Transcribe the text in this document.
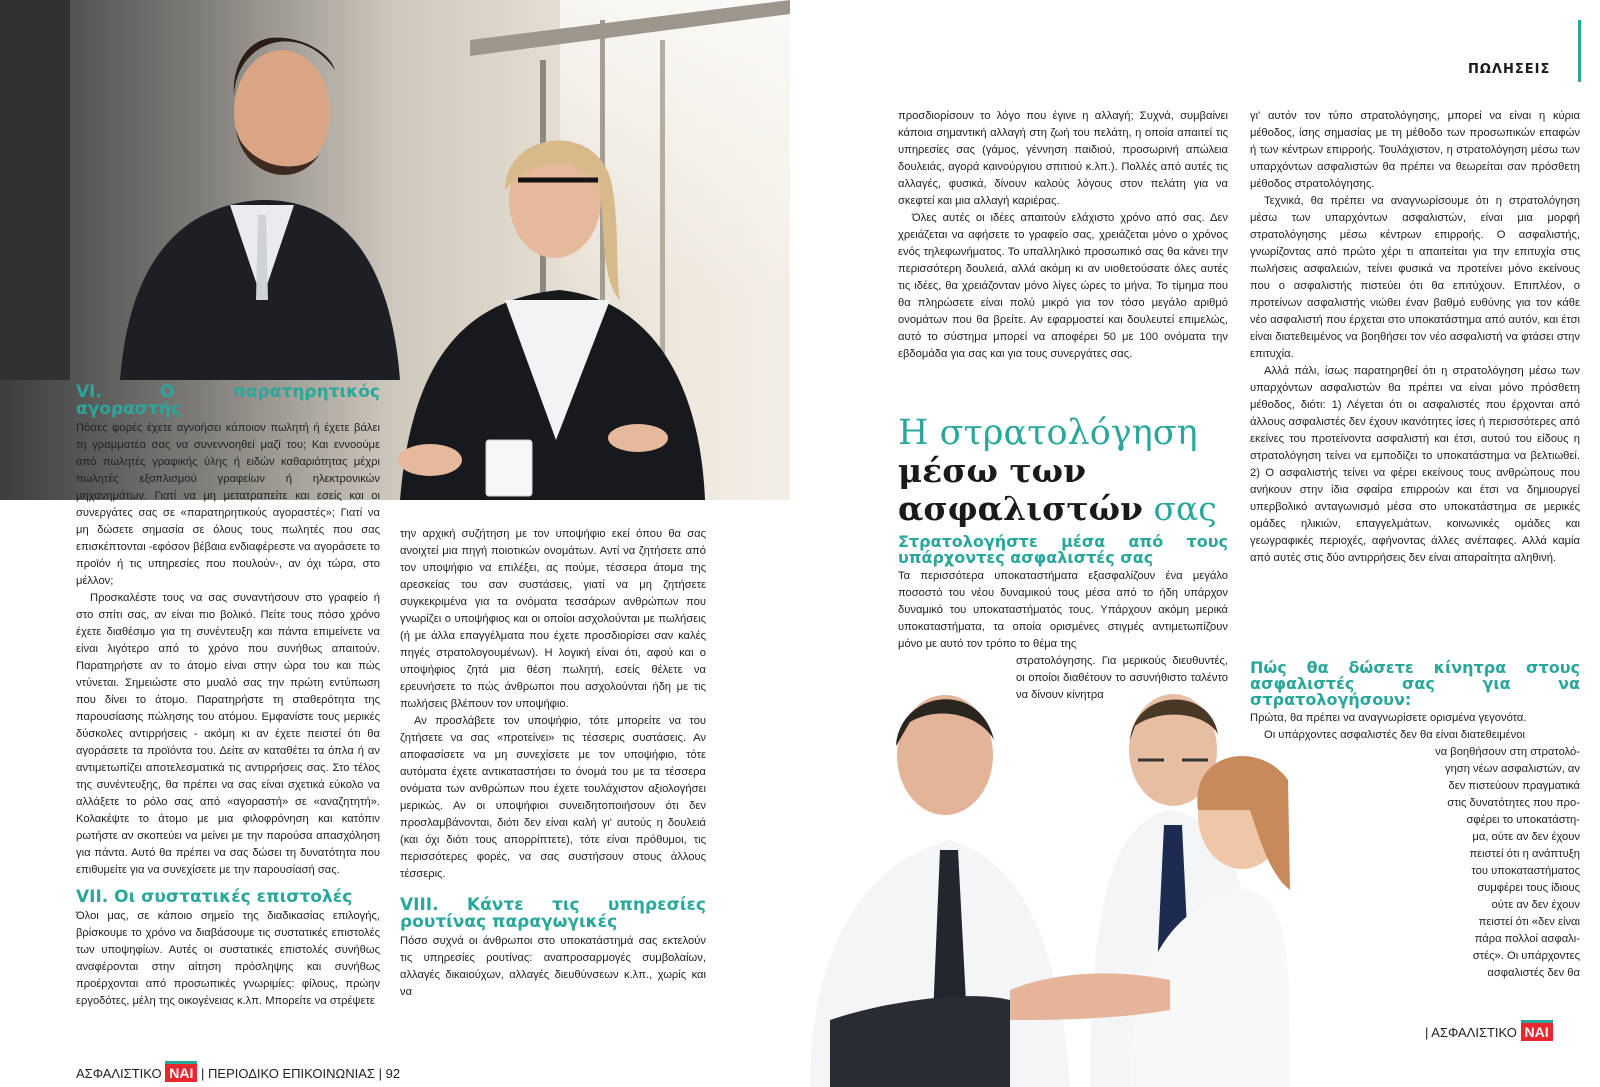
ΠΩΛΗΣΕΙΣ
VI. Ο παρατηρητικός αγοραστής

Πόσες φορές έχετε αγνοήσει κάποιον πωλητή ή έχετε βάλει τη γραμματέα σας να συνεννοηθεί μαζί του; Και εννοούμε από πωλητές γραφικής ύλης ή ειδών καθαριότητας μέχρι πωλητές εξοπλισμού γραφείων ή ηλεκτρονικών μηχανημάτων. Γιατί να μη μετατραπείτε και εσείς και οι συνεργάτες σας σε «παρατηρητικούς αγοραστές»; Γιατί να μη δώσετε σημασία σε όλους τους πωλητές που σας επισκέπτονται -εφόσον βέβαια ενδιαφέρεστε να αγοράσετε το προϊόν ή τις υπηρεσίες που πουλούν-, αν όχι τώρα, στο μέλλον;

Προσκαλέστε τους να σας συναντήσουν στο γραφείο ή στο σπίτι σας, αν είναι πιο βολικό. Πείτε τους πόσο χρόνο έχετε διαθέσιμο για τη συνέντευξη και πάντα επιμείνετε να είναι λιγότερο από το χρόνο που συνήθως απαιτούν. Παρατηρήστε αν το άτομο είναι στην ώρα του και πώς ντύνεται. Σημειώστε στο μυαλό σας την πρώτη εντύπωση που δίνει το άτομο. Παρατηρήστε τη σταθερότητα της παρουσίασης πώλησης του ατόμου. Εμφανίστε τους μερικές δύσκολες αντιρρήσεις - ακόμη κι αν έχετε πειστεί ότι θα αγοράσετε τα προϊόντα του. Δείτε αν καταθέτει τα όπλα ή αν αντιμετωπίζει αποτελεσματικά τις αντιρρήσεις σας. Στο τέλος της συνέντευξης, θα πρέπει να σας είναι σχετικά εύκολο να αλλάξετε το ρόλο σας από «αγοραστή» σε «αναζητητή». Κολακέψτε το άτομο με μια φιλοφρόνηση και κατόπιν ρωτήστε αν σκοπεύει να μείνει με την παρούσα απασχόληση για πάντα. Αυτό θα πρέπει να σας δώσει τη δυνατότητα που επιθυμείτε για να συνεχίσετε με την παρουσίασή σας.

VII. Οι συστατικές επιστολές

Όλοι μας, σε κάποιο σημείο της διαδικασίας επιλογής, βρίσκουμε το χρόνο να διαβάσουμε τις συστατικές επιστολές των υποψηφίων. Αυτές οι συστατικές επιστολές συνήθως αναφέρονται στην αίτηση πρόσληψης και συνήθως προέρχονται από προσωπικές γνωριμίες: φίλους, πρώην εργοδότες, μέλη της οικογένειας κ.λπ. Μπορείτε να στρέψετε

την αρχική συζήτηση με τον υποψήφιο εκεί όπου θα σας ανοιχτεί μια πηγή ποιοτικών ονομάτων. Αντί να ζητήσετε από τον υποψήφιο να επιλέξει, ας πούμε, τέσσερα άτομα της αρεσκείας του σαν συστάσεις, γιατί να μη ζητήσετε συγκεκριμένα για τα ονόματα τεσσάρων ανθρώπων που γνωρίζει ο υποψήφιος και οι οποίοι ασχολούνται με πωλήσεις (ή με άλλα επαγγέλματα που έχετε προσδιορίσει σαν καλές πηγές στρατολογουμένων). Η λογική είναι ότι, αφού και ο υποψήφιος ζητά μια θέση πωλητή, εσείς θέλετε να ερευνήσετε το πώς άνθρωποι που ασχολούνται ήδη με τις πωλήσεις βλέπουν τον υποψήφιο.

Αν προσλάβετε τον υποψήφιο, τότε μπορείτε να του ζητήσετε να σας «προτείνει» τις τέσσερις συστάσεις. Αν αποφασίσετε να μη συνεχίσετε με τον υποψήφιο, τότε αυτόματα έχετε αντικαταστήσει το όνομά του με τα τέσσερα ονόματα των ανθρώπων που έχετε τουλάχιστον αξιολογήσει μερικώς. Αν οι υποψήφιοι συνειδητοποιήσουν ότι δεν προσλαμβάνονται, διότι δεν είναι καλή γι' αυτούς η δουλειά (και όχι διότι τους απορρίπτετε), τότε είναι πρόθυμοι, τις περισσότερες φορές, να σας συστήσουν στους άλλους τέσσερις.

VIII. Κάντε τις υπηρεσίες ρουτίνας παραγωγικές

Πόσο συχνά οι άνθρωποι στο υποκατάστημά σας εκτελούν τις υπηρεσίες ρουτίνας: αναπροσαρμογές συμβολαίων, αλλαγές δικαιούχων, αλλαγές διευθύνσεων κ.λπ., χωρίς και να

ΑΣΦΑΛΙΣΤΙΚΟ ΝΑΙ | ΠΕΡΙΟΔΙΚΟ ΕΠΙΚΟΙΝΩΝΙΑΣ | 92

προσδιορίσουν το λόγο που έγινε η αλλαγή; Συχνά, συμβαίνει κάποια σημαντική αλλαγή στη ζωή του πελάτη, η οποία απαιτεί τις υπηρεσίες σας (γάμος, γέννηση παιδιού, προσωρινή απώλεια δουλειάς, αγορά καινούργιου σπιτιού κ.λπ.). Πολλές από αυτές τις αλλαγές, φυσικά, δίνουν καλούς λόγους στον πελάτη για να σκεφτεί και μια αλλαγή καριέρας.

Όλες αυτές οι ιδέες απαιτούν ελάχιστο χρόνο από σας. Δεν χρειάζεται να αφήσετε το γραφείο σας, χρειάζεται μόνο ο χρόνος ενός τηλεφωνήματος. Το υπαλληλικό προσωπικό σας θα κάνει την περισσότερη δουλειά, αλλά ακόμη κι αν υιοθετούσατε όλες αυτές τις ιδέες, θα χρειάζονταν μόνο λίγες ώρες το μήνα. Το τίμημα που θα πληρώσετε είναι πολύ μικρό για τον τόσο μεγάλο αριθμό ονομάτων που θα βρείτε. Αν εφαρμοστεί και δουλευτεί επιμελώς, αυτό το σύστημα μπορεί να αποφέρει 50 με 100 ονόματα την εβδομάδα για σας και για τους συνεργάτες σας.

Η στρατολόγηση
μέσω των
ασφαλιστών σας
Στρατολογήστε μέσα από τους υπάρχοντες ασφαλιστές σας

Τα περισσότερα υποκαταστήματα εξασφαλίζουν ένα μεγάλο ποσοστό του νέου δυναμικού τους μέσα από το ήδη υπάρχον δυναμικό του υποκαταστήματός τους. Υπάρχουν ακόμη μερικά υποκαταστήματα, τα οποία ορισμένες στιγμές αντιμετωπίζουν μόνο με αυτό τον τρόπο το θέμα της

στρατολόγησης. Για μερικούς διευθυντές, οι οποίοι διαθέτουν το ασυνήθιστο ταλέντο να δίνουν κίνητρα

γι' αυτόν τον τύπο στρατολόγησης, μπορεί να είναι η κύρια μέθοδος, ίσης σημασίας με τη μέθοδο των προσωπικών επαφών ή των κέντρων επιρροής. Τουλάχιστον, η στρατολόγηση μέσω των υπαρχόντων ασφαλιστών θα πρέπει να θεωρείται σαν πρόσθετη μέθοδος στρατολόγησης.

Τεχνικά, θα πρέπει να αναγνωρίσουμε ότι η στρατολόγηση μέσω των υπαρχόντων ασφαλιστών, είναι μια μορφή στρατολόγησης μέσω κέντρων επιρροής. Ο ασφαλιστής, γνωρίζοντας από πρώτο χέρι τι απαιτείται για την επιτυχία στις πωλήσεις ασφαλειών, τείνει φυσικά να προτείνει μόνο εκείνους που ο ασφαλιστής πιστεύει ότι θα επιτύχουν. Επιπλέον, ο προτείνων ασφαλιστής νιώθει έναν βαθμό ευθύνης για τον κάθε νέο ασφαλιστή που έρχεται στο υποκατάστημα από αυτόν, και έτσι είναι διατεθειμένος να βοηθήσει τον νέο ασφαλιστή να φτάσει στην επιτυχία.

Αλλά πάλι, ίσως παρατηρηθεί ότι η στρατολόγηση μέσω των υπαρχόντων ασφαλιστών θα πρέπει να είναι μόνο πρόσθετη μέθοδος, διότι: 1) Λέγεται ότι οι ασφαλιστές που έρχονται από άλλους ασφαλιστές δεν έχουν ικανότητες ίσες ή περισσότερες από εκείνες του προτείνοντα ασφαλιστή και έτσι, αυτού του είδους η στρατολόγηση τείνει να εμποδίζει το υποκατάστημα να βελτιωθεί. 2) Ο ασφαλιστής τείνει να φέρει εκείνους τους ανθρώπους που ανήκουν στην ίδια σφαίρα επιρροών και έτσι να δημιουργεί υπερβολικό ανταγωνισμό μέσα στο υποκατάστημα σε μερικές ομάδες ηλικιών, επαγγελμάτων, κοινωνικές ομάδες και γεωγραφικές περιοχές, αφήνοντας άλλες ανέπαφες. Αλλά καμία από αυτές στις δύο αντιρρήσεις δεν είναι απαραίτητα αληθινή.

Πώς θα δώσετε κίνητρα στους ασφαλιστές σας για να στρατολογήσουν:

Πρώτα, θα πρέπει να αναγνωρίσετε ορισμένα γεγονότα.

Οι υπάρχοντες ασφαλιστές δεν θα είναι διατεθειμένοι

να βοηθήσουν στη στρατολό-
γηση νέων ασφαλιστών, αν
δεν πιστεύουν πραγματικά
στις δυνατότητες που προ-
σφέρει το υποκατάστη-
μα, ούτε αν δεν έχουν
πειστεί ότι η ανάπτυξη
του υποκαταστήματος
συμφέρει τους ίδιους
ούτε αν δεν έχουν
πειστεί ότι «δεν είναι
πάρα πολλοί ασφαλι-
στές». Οι υπάρχοντες
ασφαλιστές δεν θα
| ΑΣΦΑΛΙΣΤΙΚΟ ΝΑΙ
